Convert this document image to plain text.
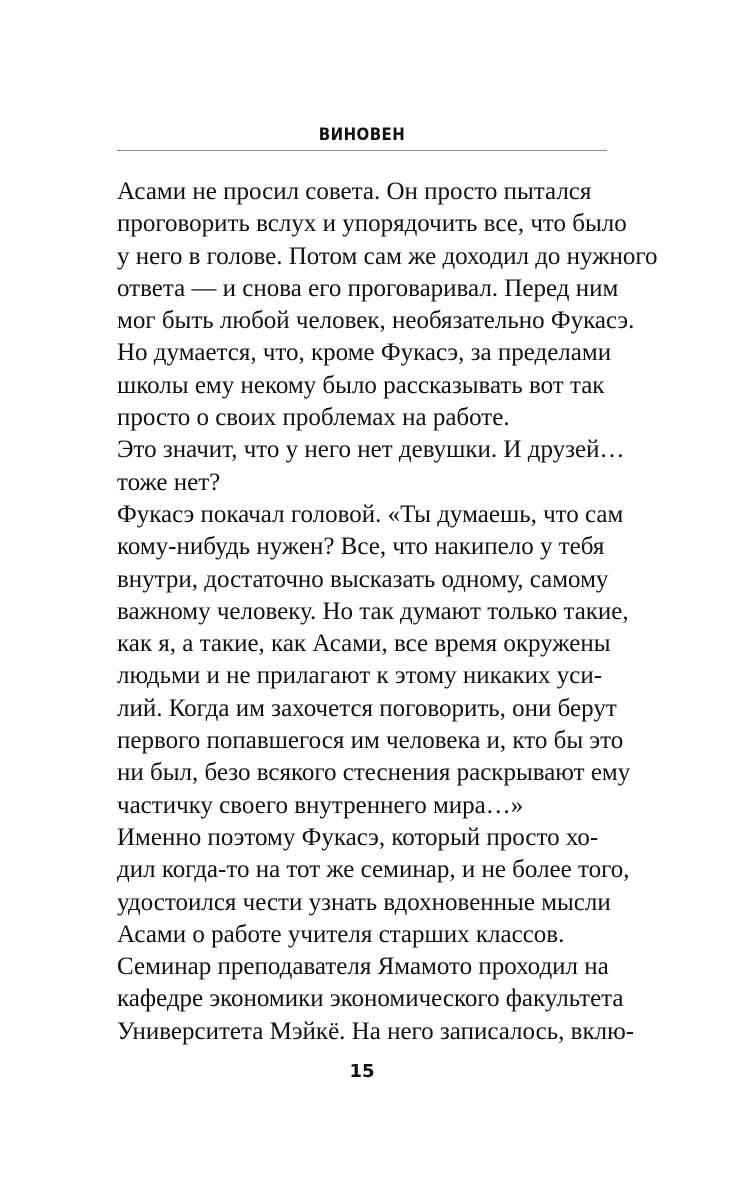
ВИНОВЕН
Асами не просил совета. Он просто пытался
проговорить вслух и упорядочить все, что было
у него в голове. Потом сам же доходил до нужного
ответа — и снова его проговаривал. Перед ним
мог быть любой человек, необязательно Фукасэ.
Но думается, что, кроме Фукасэ, за пределами
школы ему некому было рассказывать вот так
просто о своих проблемах на работе.
Это значит, что у него нет девушки. И друзей…
тоже нет?
Фукасэ покачал головой. «Ты думаешь, что сам
кому-нибудь нужен? Все, что накипело у тебя
внутри, достаточно высказать одному, самому
важному человеку. Но так думают только такие,
как я, а такие, как Асами, все время окружены
людьми и не прилагают к этому никаких уси-
лий. Когда им захочется поговорить, они берут
первого попавшегося им человека и, кто бы это
ни был, безо всякого стеснения раскрывают ему
частичку своего внутреннего мира…»
Именно поэтому Фукасэ, который просто хо-
дил когда-то на тот же семинар, и не более того,
удостоился чести узнать вдохновенные мысли
Асами о работе учителя старших классов.
Семинар преподавателя Ямамото проходил на
кафедре экономики экономического факультета
Университета Мэйкё. На него записалось, вклю-
15
